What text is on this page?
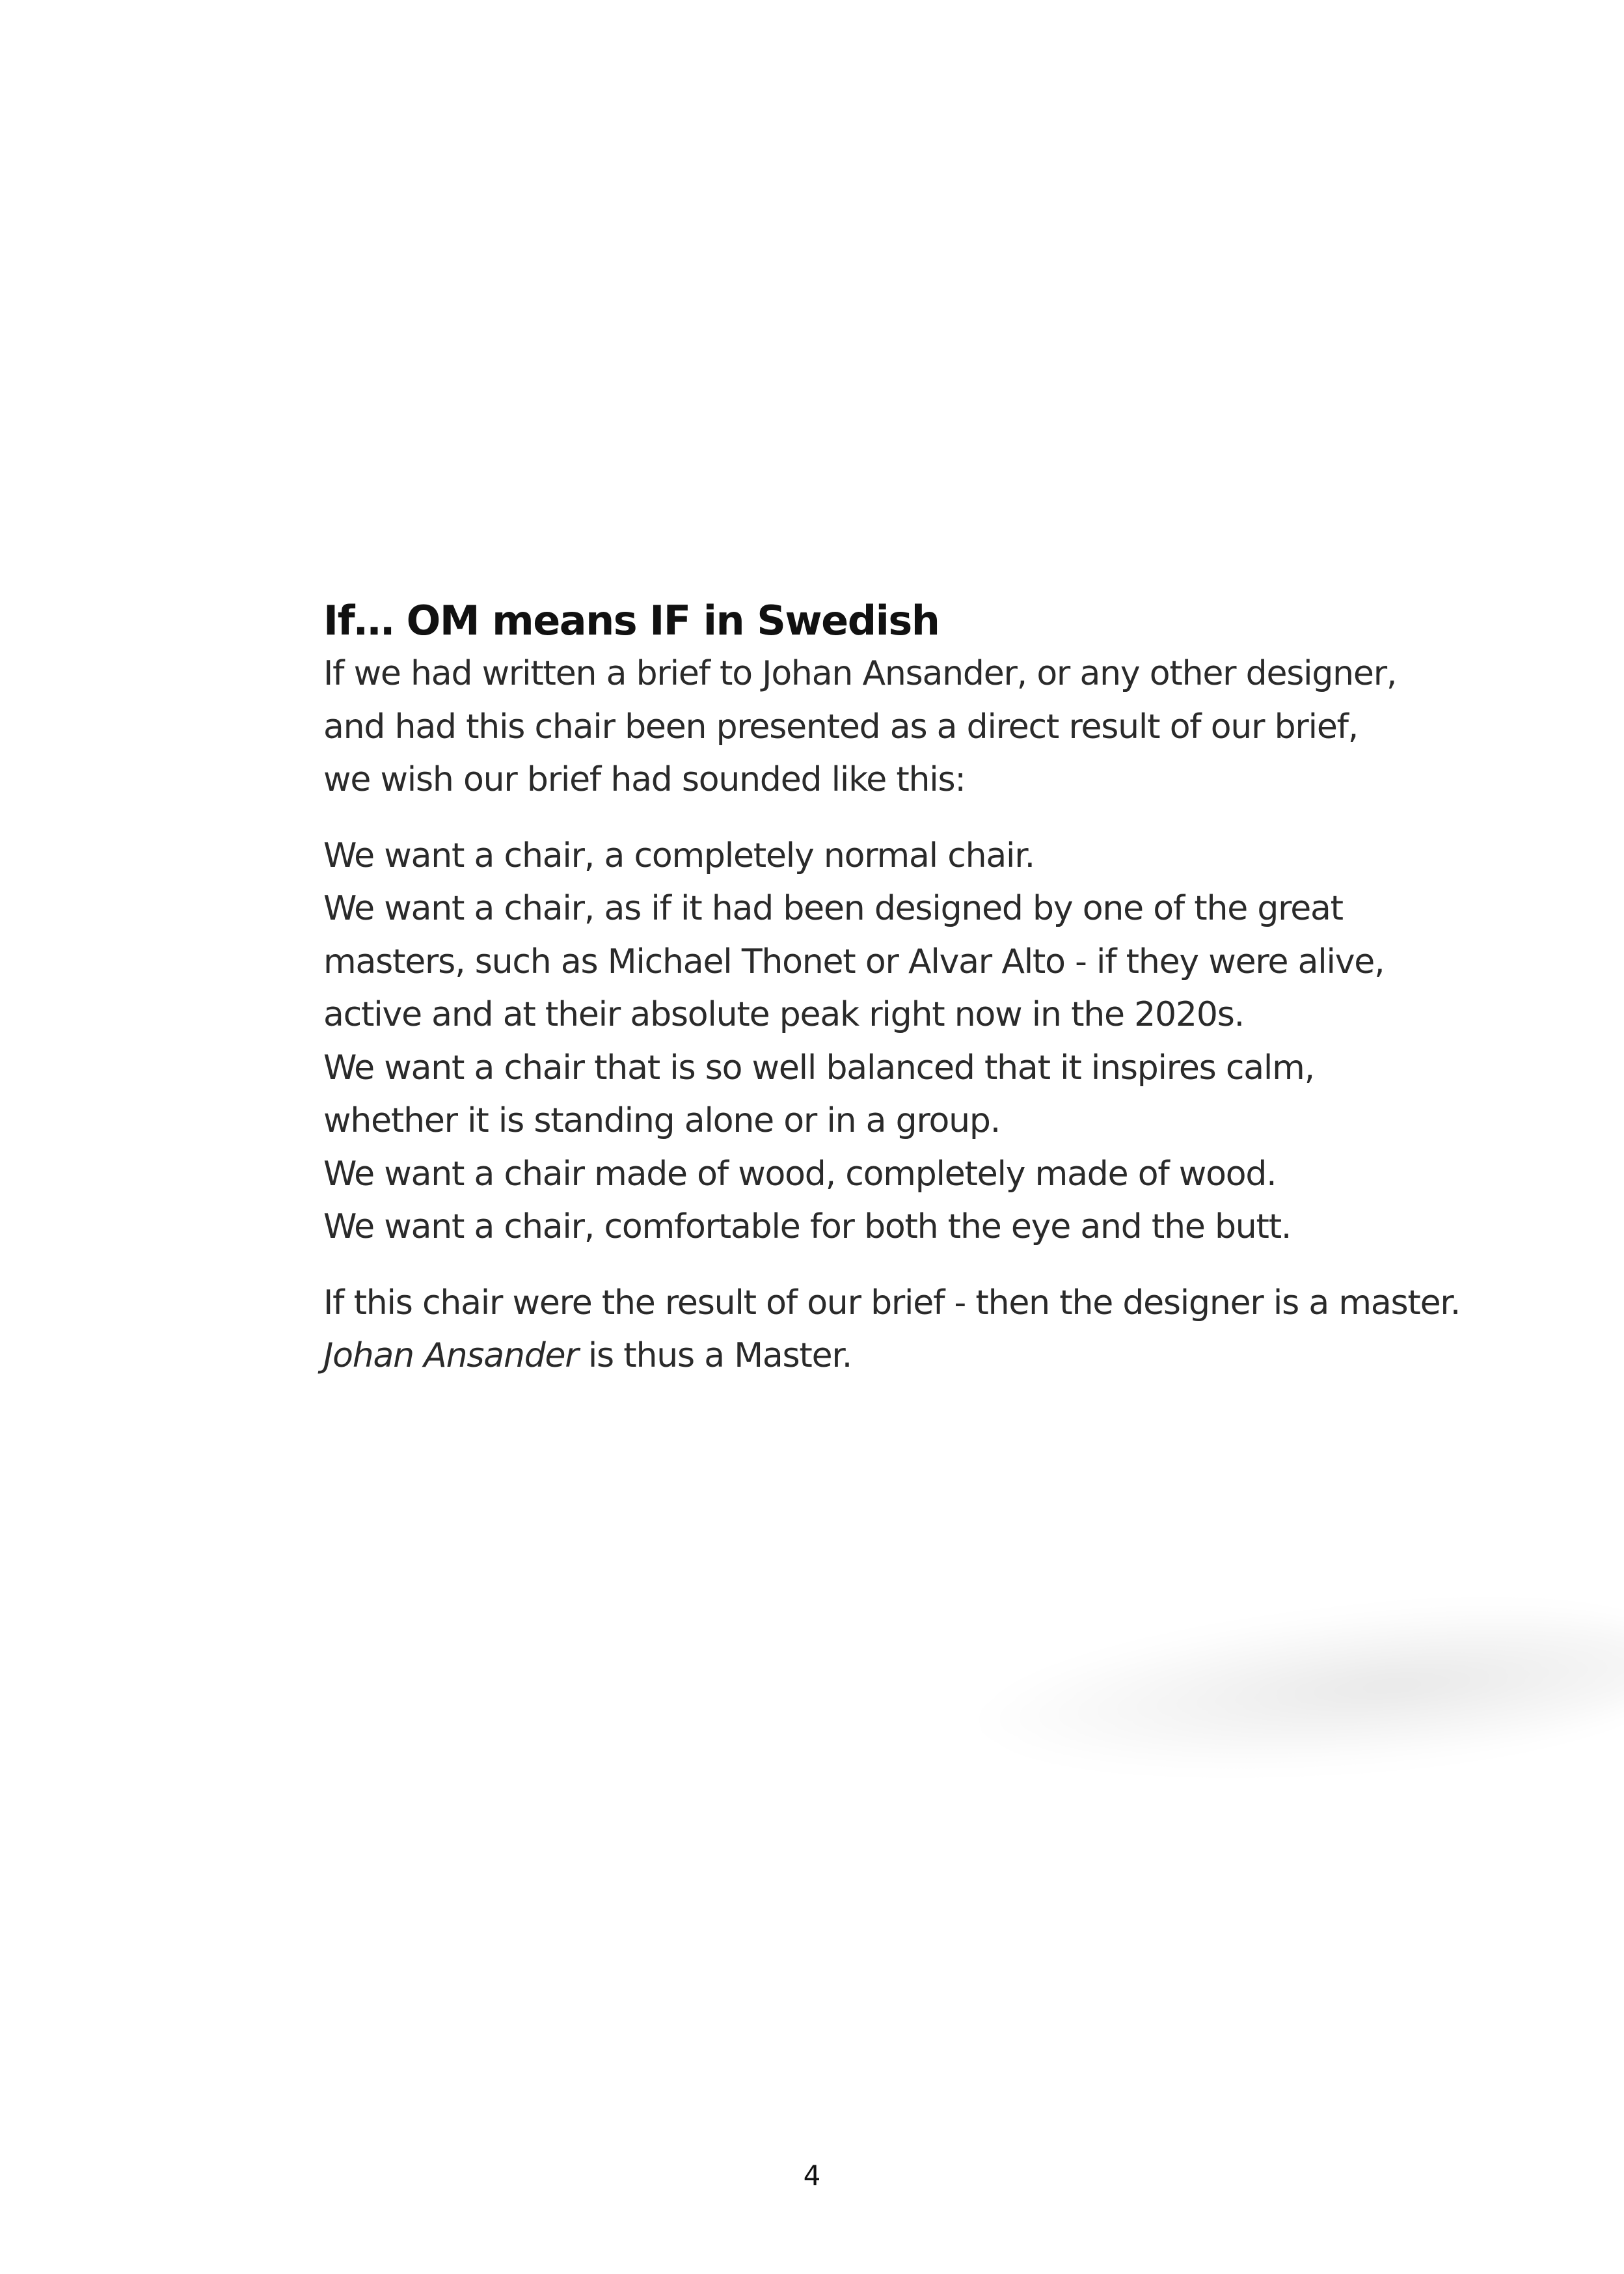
If… OM means IF in Swedish

If we had written a brief to Johan Ansander, or any other designer,
and had this chair been presented as a direct result of our brief,
we wish our brief had sounded like this:

We want a chair, a completely normal chair.
We want a chair, as if it had been designed by one of the great
masters, such as Michael Thonet or Alvar Alto - if they were alive,
active and at their absolute peak right now in the 2020s.
We want a chair that is so well balanced that it inspires calm,
whether it is standing alone or in a group.
We want a chair made of wood, completely made of wood.
We want a chair, comfortable for both the eye and the butt.

If this chair were the result of our brief - then the designer is a master.
Johan Ansander is thus a Master.

4
